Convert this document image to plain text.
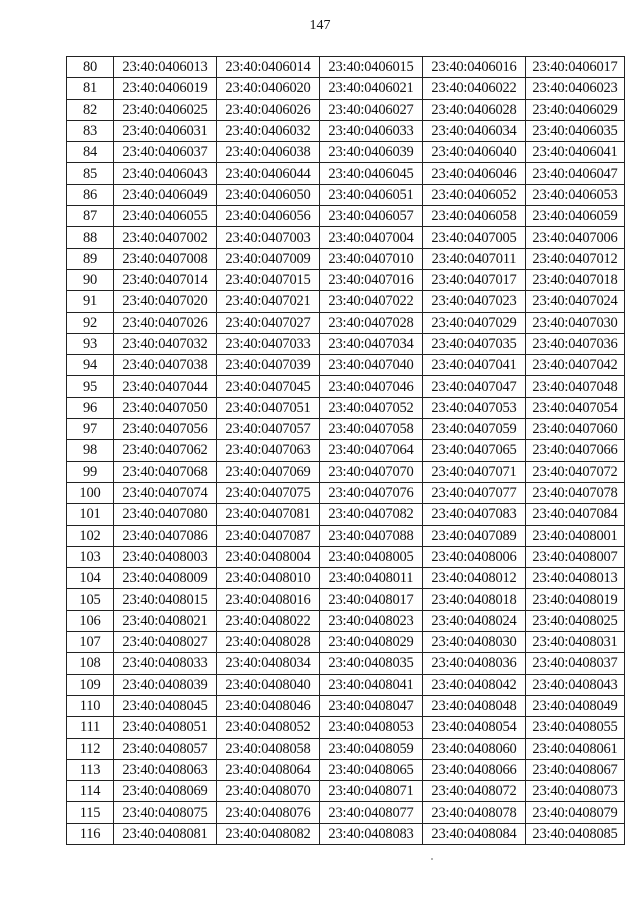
147
80	23:40:0406013	23:40:0406014	23:40:0406015	23:40:0406016	23:40:0406017
81	23:40:0406019	23:40:0406020	23:40:0406021	23:40:0406022	23:40:0406023
82	23:40:0406025	23:40:0406026	23:40:0406027	23:40:0406028	23:40:0406029
83	23:40:0406031	23:40:0406032	23:40:0406033	23:40:0406034	23:40:0406035
84	23:40:0406037	23:40:0406038	23:40:0406039	23:40:0406040	23:40:0406041
85	23:40:0406043	23:40:0406044	23:40:0406045	23:40:0406046	23:40:0406047
86	23:40:0406049	23:40:0406050	23:40:0406051	23:40:0406052	23:40:0406053
87	23:40:0406055	23:40:0406056	23:40:0406057	23:40:0406058	23:40:0406059
88	23:40:0407002	23:40:0407003	23:40:0407004	23:40:0407005	23:40:0407006
89	23:40:0407008	23:40:0407009	23:40:0407010	23:40:0407011	23:40:0407012
90	23:40:0407014	23:40:0407015	23:40:0407016	23:40:0407017	23:40:0407018
91	23:40:0407020	23:40:0407021	23:40:0407022	23:40:0407023	23:40:0407024
92	23:40:0407026	23:40:0407027	23:40:0407028	23:40:0407029	23:40:0407030
93	23:40:0407032	23:40:0407033	23:40:0407034	23:40:0407035	23:40:0407036
94	23:40:0407038	23:40:0407039	23:40:0407040	23:40:0407041	23:40:0407042
95	23:40:0407044	23:40:0407045	23:40:0407046	23:40:0407047	23:40:0407048
96	23:40:0407050	23:40:0407051	23:40:0407052	23:40:0407053	23:40:0407054
97	23:40:0407056	23:40:0407057	23:40:0407058	23:40:0407059	23:40:0407060
98	23:40:0407062	23:40:0407063	23:40:0407064	23:40:0407065	23:40:0407066
99	23:40:0407068	23:40:0407069	23:40:0407070	23:40:0407071	23:40:0407072
100	23:40:0407074	23:40:0407075	23:40:0407076	23:40:0407077	23:40:0407078
101	23:40:0407080	23:40:0407081	23:40:0407082	23:40:0407083	23:40:0407084
102	23:40:0407086	23:40:0407087	23:40:0407088	23:40:0407089	23:40:0408001
103	23:40:0408003	23:40:0408004	23:40:0408005	23:40:0408006	23:40:0408007
104	23:40:0408009	23:40:0408010	23:40:0408011	23:40:0408012	23:40:0408013
105	23:40:0408015	23:40:0408016	23:40:0408017	23:40:0408018	23:40:0408019
106	23:40:0408021	23:40:0408022	23:40:0408023	23:40:0408024	23:40:0408025
107	23:40:0408027	23:40:0408028	23:40:0408029	23:40:0408030	23:40:0408031
108	23:40:0408033	23:40:0408034	23:40:0408035	23:40:0408036	23:40:0408037
109	23:40:0408039	23:40:0408040	23:40:0408041	23:40:0408042	23:40:0408043
110	23:40:0408045	23:40:0408046	23:40:0408047	23:40:0408048	23:40:0408049
111	23:40:0408051	23:40:0408052	23:40:0408053	23:40:0408054	23:40:0408055
112	23:40:0408057	23:40:0408058	23:40:0408059	23:40:0408060	23:40:0408061
113	23:40:0408063	23:40:0408064	23:40:0408065	23:40:0408066	23:40:0408067
114	23:40:0408069	23:40:0408070	23:40:0408071	23:40:0408072	23:40:0408073
115	23:40:0408075	23:40:0408076	23:40:0408077	23:40:0408078	23:40:0408079
116	23:40:0408081	23:40:0408082	23:40:0408083	23:40:0408084	23:40:0408085
